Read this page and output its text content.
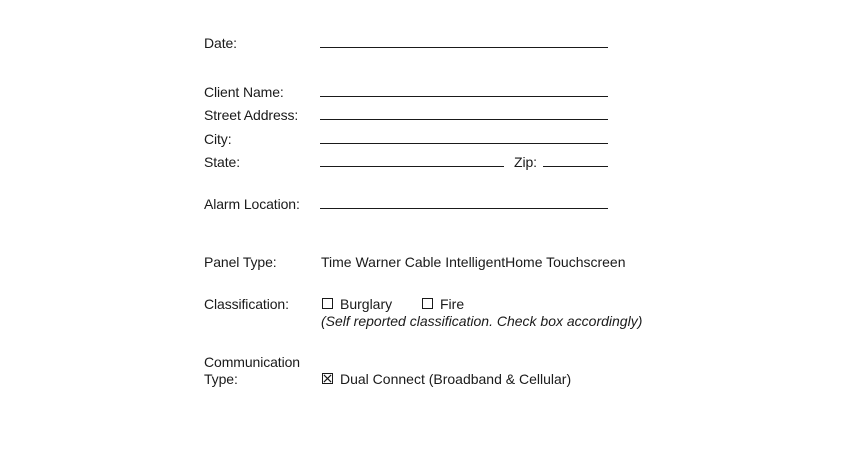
Date:
Client Name:
Street Address:
City:
State:	Zip:
Alarm Location:
Panel Type:	Time Warner Cable IntelligentHome Touchscreen
Classification:	Burglary	Fire
(Self reported classification. Check box accordingly)
Communication
Type:	Dual Connect (Broadband & Cellular)
